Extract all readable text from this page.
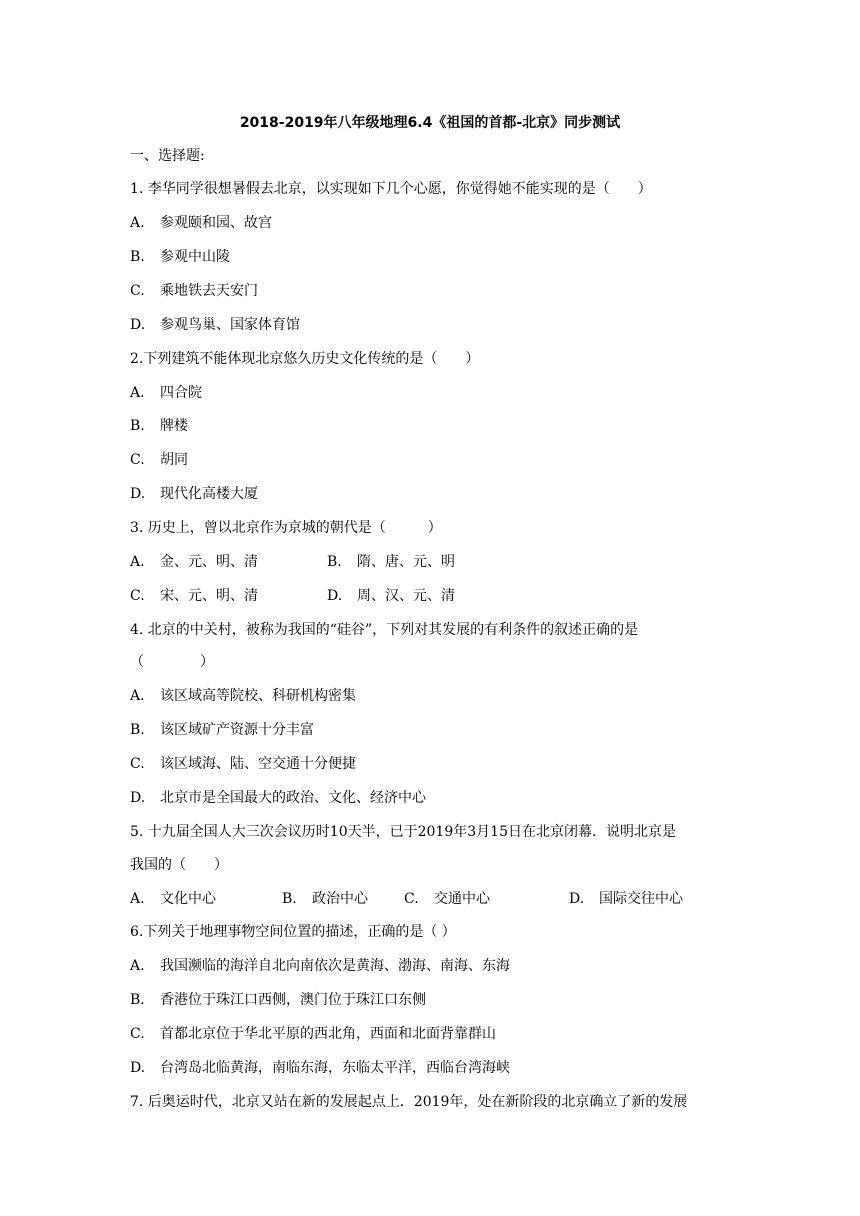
2018-2019年八年级地理6.4《祖国的首都-北京》同步测试
一、选择题:
1. 李华同学很想暑假去北京，以实现如下几个心愿，你觉得她不能实现的是（　　）
A. 参观颐和园、故宫
B. 参观中山陵
C. 乘地铁去天安门
D. 参观鸟巢、国家体育馆
2.下列建筑不能体现北京悠久历史文化传统的是（　　）
A. 四合院
B. 牌楼
C. 胡同
D. 现代化高楼大厦
3. 历史上，曾以北京作为京城的朝代是（　　　）
A. 金、元、明、清	B. 隋、唐、元、明
C. 宋、元、明、清	D. 周、汉、元、清
4. 北京的中关村，被称为我国的“硅谷”，下列对其发展的有利条件的叙述正确的是
（　　　　）
A. 该区域高等院校、科研机构密集
B. 该区域矿产资源十分丰富
C. 该区域海、陆、空交通十分便捷
D. 北京市是全国最大的政治、文化、经济中心
5. 十九届全国人大三次会议历时10天半，已于2019年3月15日在北京闭幕．说明北京是
我国的（　　）
A. 文化中心	B. 政治中心	C. 交通中心	D. 国际交往中心
6.下列关于地理事物空间位置的描述，正确的是（ ）
A. 我国濒临的海洋自北向南依次是黄海、渤海、南海、东海
B. 香港位于珠江口西侧，澳门位于珠江口东侧
C. 首都北京位于华北平原的西北角，西面和北面背靠群山
D. 台湾岛北临黄海，南临东海，东临太平洋，西临台湾海峡
7. 后奥运时代，北京又站在新的发展起点上．2019年，处在新阶段的北京确立了新的发展
